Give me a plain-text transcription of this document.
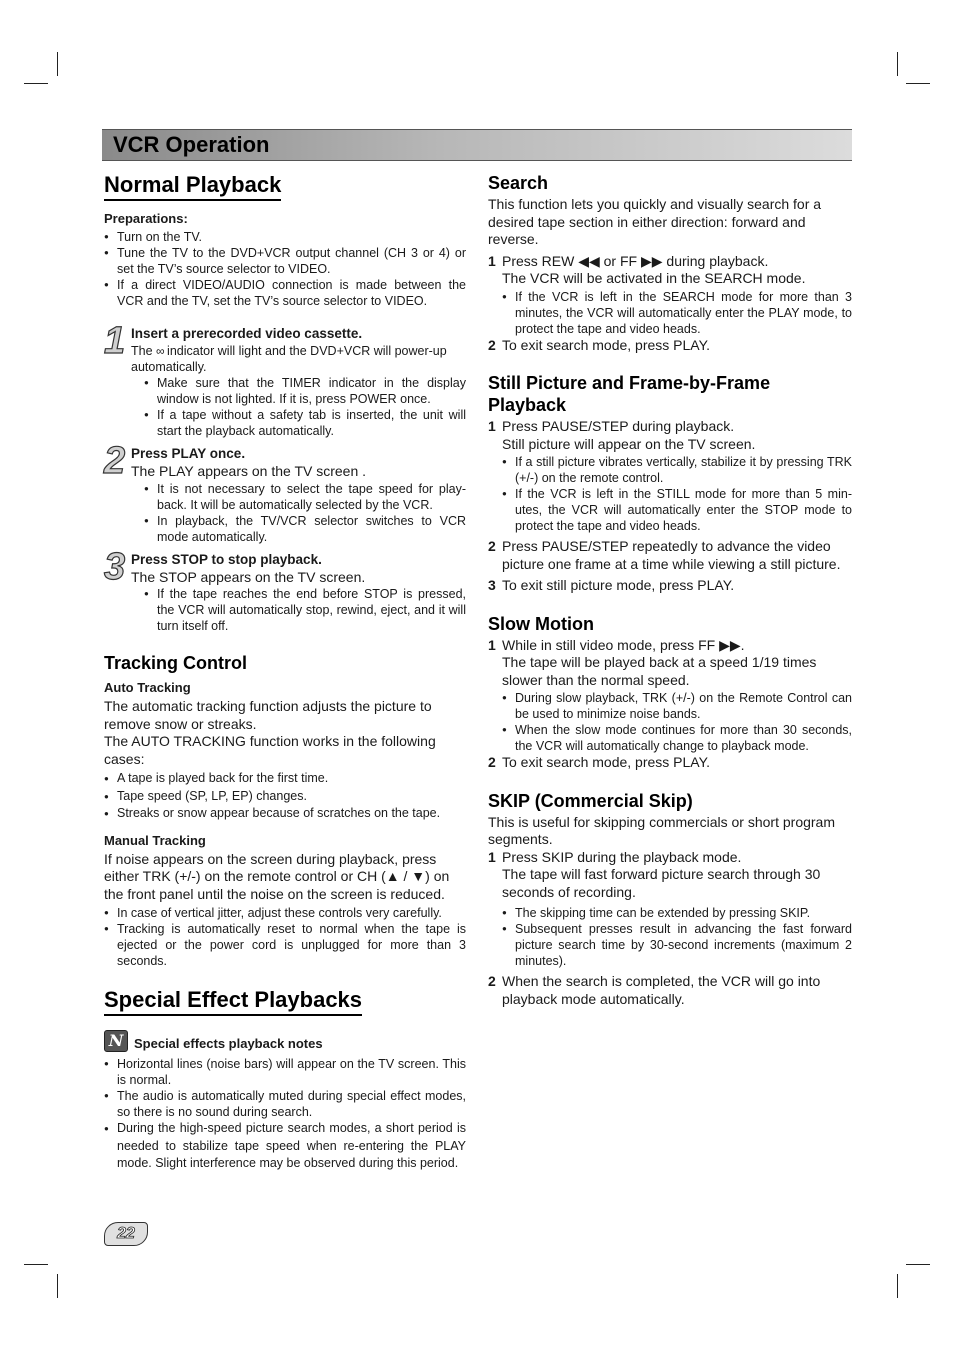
VCR Operation
Normal Playback
Preparations:
● Turn on the TV.
● Tune the TV to the DVD+VCR output channel (CH 3 or 4) or set the TV’s source selector to VIDEO.
● If a direct VIDEO/AUDIO connection is made between the VCR and the TV, set the TV’s source selector to VIDEO.
1 Insert a prerecorded video cassette.

The ∞ indicator will light and the DVD+VCR will power-up automatically.

● Make sure that the TIMER indicator in the display window is not lighted. If it is, press POWER once.
● If a tape without a safety tab is inserted, the unit will start the playback automatically.
2 Press PLAY once.

The PLAY appears on the TV screen .

● It is not necessary to select the tape speed for play-back. It will be automatically selected by the VCR.
● In playback, the TV/VCR selector switches to VCR mode automatically.
3 Press STOP to stop playback.

The STOP appears on the TV screen.

● If the tape reaches the end before STOP is pressed, the VCR will automatically stop, rewind, eject, and it will turn itself off.
Tracking Control
Auto Tracking

The automatic tracking function adjusts the picture to remove snow or streaks.

The AUTO TRACKING function works in the following cases:

● A tape is played back for the first time.
● Tape speed (SP, LP, EP) changes.
● Streaks or snow appear because of scratches on the tape.
Manual Tracking

If noise appears on the screen during playback, press either TRK (+/-) on the remote control or CH (▲ / ▼) on the front panel until the noise on the screen is reduced.

● In case of vertical jitter, adjust these controls very carefully.
● Tracking is automatically reset to normal when the tape is ejected or the power cord is unplugged for more than 3 seconds.
Special Effect Playbacks
N Special effects playback notes
● Horizontal lines (noise bars) will appear on the TV screen. This is normal.
● The audio is automatically muted during special effect modes, so there is no sound during search.
● During the high-speed picture search modes, a short period is needed to stabilize tape speed when re-entering the PLAY mode. Slight interference may be observed during this period.
Search

This function lets you quickly and visually search for a desired tape section in either direction: forward and reverse.

1 Press REW ◀◀ or FF ▶▶ during playback.
The VCR will be activated in the SEARCH mode.
● If the VCR is left in the SEARCH mode for more than 3 minutes, the VCR will automatically enter the PLAY mode, to protect the tape and video heads.
2 To exit search mode, press PLAY.
Still Picture and Frame-by-Frame Playback
1 Press PAUSE/STEP during playback.
Still picture will appear on the TV screen.
● If a still picture vibrates vertically, stabilize it by pressing TRK (+/-) on the remote control.
● If the VCR is left in the STILL mode for more than 5 min-utes, the VCR will automatically enter the STOP mode to protect the tape and video heads.
2 Press PAUSE/STEP repeatedly to advance the video picture one frame at a time while viewing a still picture.
3 To exit still picture mode, press PLAY.
Slow Motion
1 While in still video mode, press FF ▶▶.
The tape will be played back at a speed 1/19 times slower than the normal speed.
● During slow playback, TRK (+/-) on the Remote Control can be used to minimize noise bands.
● When the slow mode continues for more than 30 seconds, the VCR will automatically change to playback mode.
2 To exit search mode, press PLAY.
SKIP (Commercial Skip)

This is useful for skipping commercials or short program segments.

1 Press SKIP during the playback mode.
The tape will fast forward picture search through 30 seconds of recording.
● The skipping time can be extended by pressing SKIP.
● Subsequent presses result in advancing the fast forward picture search time by 30-second increments (maximum 2 minutes).
2 When the search is completed, the VCR will go into playback mode automatically.
22
